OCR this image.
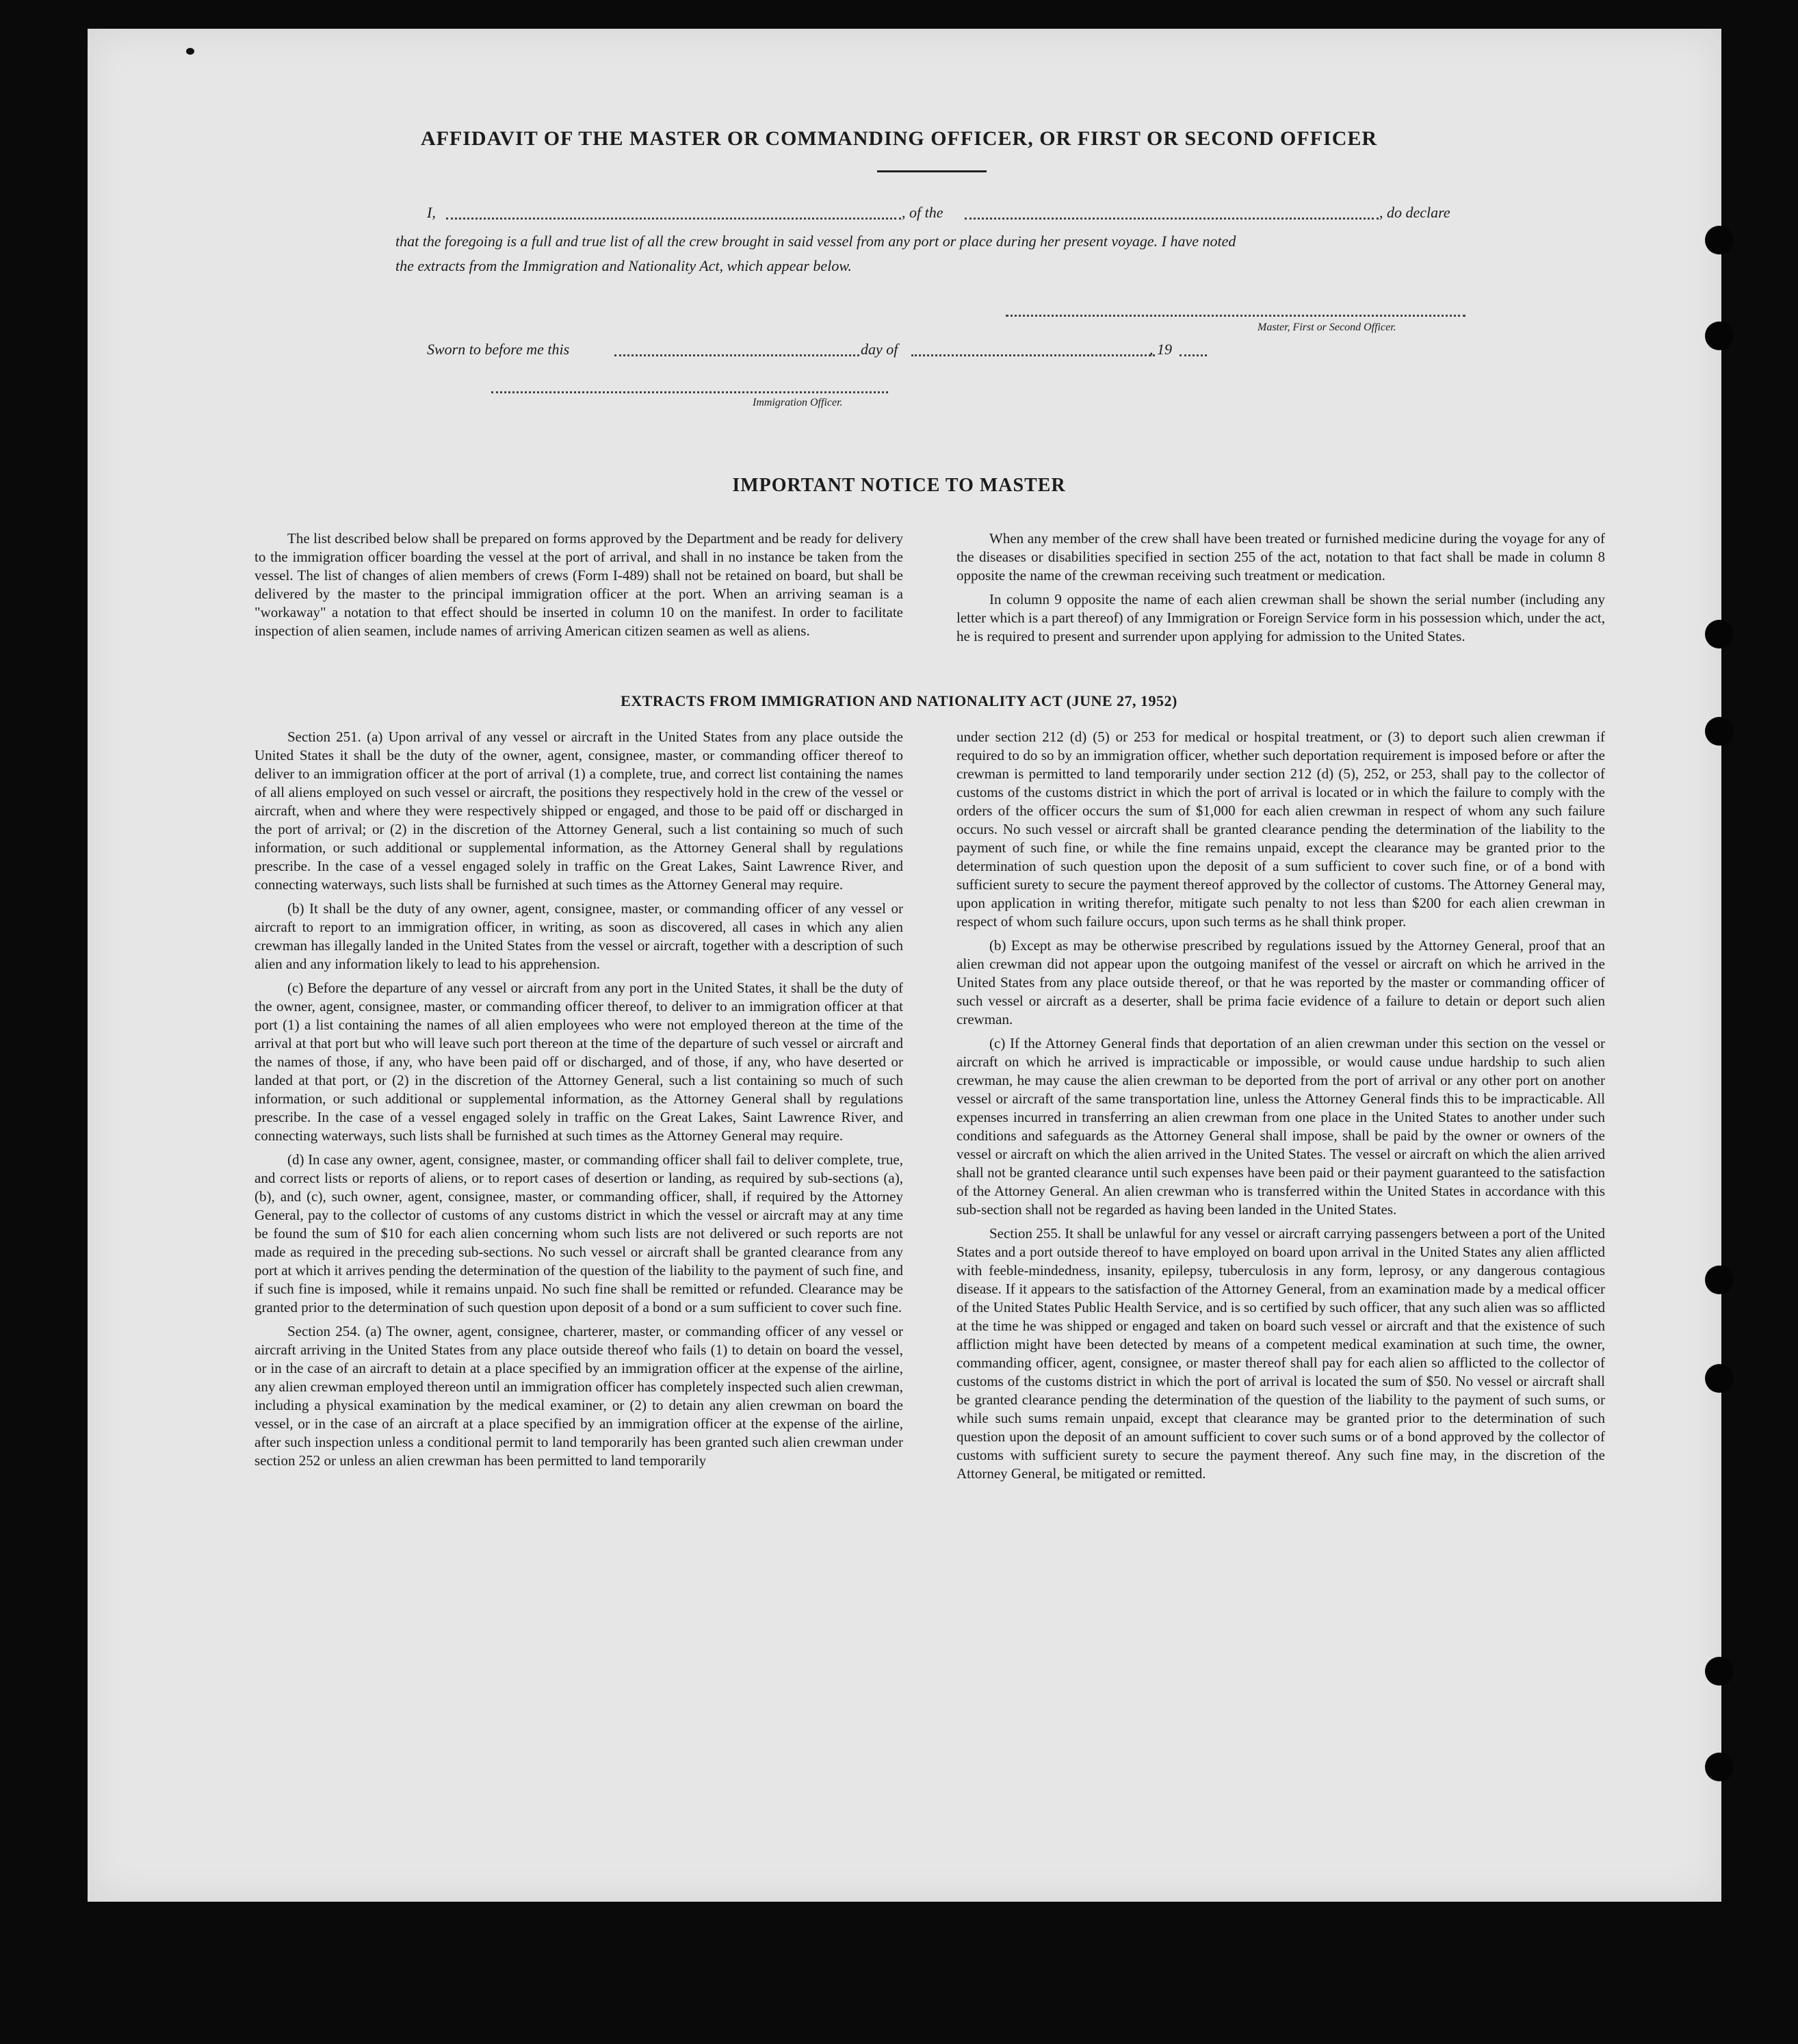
AFFIDAVIT OF THE MASTER OR COMMANDING OFFICER, OR FIRST OR SECOND OFFICER
I,	, of the	, do declare
that the foregoing is a full and true list of all the crew brought in said vessel from any port or place during her present voyage. I have noted
the extracts from the Immigration and Nationality Act, which appear below.
Master, First or Second Officer.
Sworn to before me this	day of	, 19
Immigration Officer.
IMPORTANT NOTICE TO MASTER

The list described below shall be prepared on forms approved by the Department and be ready for delivery to the immigration officer boarding the vessel at the port of arrival, and shall in no instance be taken from the vessel. The list of changes of alien members of crews (Form I-489) shall not be retained on board, but shall be delivered by the master to the principal immigration officer at the port. When an arriving seaman is a "workaway" a notation to that effect should be inserted in column 10 on the manifest. In order to facilitate inspection of alien seamen, include names of arriving American citizen seamen as well as aliens.

When any member of the crew shall have been treated or furnished medicine during the voyage for any of the diseases or disabilities specified in section 255 of the act, notation to that fact shall be made in column 8 opposite the name of the crewman receiving such treatment or medication.

In column 9 opposite the name of each alien crewman shall be shown the serial number (including any letter which is a part thereof) of any Immigration or Foreign Service form in his possession which, under the act, he is required to present and surrender upon applying for admission to the United States.

EXTRACTS FROM IMMIGRATION AND NATIONALITY ACT (JUNE 27, 1952)

Section 251. (a) Upon arrival of any vessel or aircraft in the United States from any place outside the United States it shall be the duty of the owner, agent, consignee, master, or commanding officer thereof to deliver to an immigration officer at the port of arrival (1) a complete, true, and correct list containing the names of all aliens employed on such vessel or aircraft, the positions they respectively hold in the crew of the vessel or aircraft, when and where they were respectively shipped or engaged, and those to be paid off or discharged in the port of arrival; or (2) in the discretion of the Attorney General, such a list containing so much of such information, or such additional or supplemental information, as the Attorney General shall by regulations prescribe. In the case of a vessel engaged solely in traffic on the Great Lakes, Saint Lawrence River, and connecting waterways, such lists shall be furnished at such times as the Attorney General may require.

(b) It shall be the duty of any owner, agent, consignee, master, or commanding officer of any vessel or aircraft to report to an immigration officer, in writing, as soon as discovered, all cases in which any alien crewman has illegally landed in the United States from the vessel or aircraft, together with a description of such alien and any information likely to lead to his apprehension.

(c) Before the departure of any vessel or aircraft from any port in the United States, it shall be the duty of the owner, agent, consignee, master, or commanding officer thereof, to deliver to an immigration officer at that port (1) a list containing the names of all alien employees who were not employed thereon at the time of the arrival at that port but who will leave such port thereon at the time of the departure of such vessel or aircraft and the names of those, if any, who have been paid off or discharged, and of those, if any, who have deserted or landed at that port, or (2) in the discretion of the Attorney General, such a list containing so much of such information, or such additional or supplemental information, as the Attorney General shall by regulations prescribe. In the case of a vessel engaged solely in traffic on the Great Lakes, Saint Lawrence River, and connecting waterways, such lists shall be furnished at such times as the Attorney General may require.

(d) In case any owner, agent, consignee, master, or commanding officer shall fail to deliver complete, true, and correct lists or reports of aliens, or to report cases of desertion or landing, as required by sub-sections (a), (b), and (c), such owner, agent, consignee, master, or commanding officer, shall, if required by the Attorney General, pay to the collector of customs of any customs district in which the vessel or aircraft may at any time be found the sum of $10 for each alien concerning whom such lists are not delivered or such reports are not made as required in the preceding sub-sections. No such vessel or aircraft shall be granted clearance from any port at which it arrives pending the determination of the question of the liability to the payment of such fine, and if such fine is imposed, while it remains unpaid. No such fine shall be remitted or refunded. Clearance may be granted prior to the determination of such question upon deposit of a bond or a sum sufficient to cover such fine.

Section 254. (a) The owner, agent, consignee, charterer, master, or commanding officer of any vessel or aircraft arriving in the United States from any place outside thereof who fails (1) to detain on board the vessel, or in the case of an aircraft to detain at a place specified by an immigration officer at the expense of the airline, any alien crewman employed thereon until an immigration officer has completely inspected such alien crewman, including a physical examination by the medical examiner, or (2) to detain any alien crewman on board the vessel, or in the case of an aircraft at a place specified by an immigration officer at the expense of the airline, after such inspection unless a conditional permit to land temporarily has been granted such alien crewman under section 252 or unless an alien crewman has been permitted to land temporarily

under section 212 (d) (5) or 253 for medical or hospital treatment, or (3) to deport such alien crewman if required to do so by an immigration officer, whether such deportation requirement is imposed before or after the crewman is permitted to land temporarily under section 212 (d) (5), 252, or 253, shall pay to the collector of customs of the customs district in which the port of arrival is located or in which the failure to comply with the orders of the officer occurs the sum of $1,000 for each alien crewman in respect of whom any such failure occurs. No such vessel or aircraft shall be granted clearance pending the determination of the liability to the payment of such fine, or while the fine remains unpaid, except the clearance may be granted prior to the determination of such question upon the deposit of a sum sufficient to cover such fine, or of a bond with sufficient surety to secure the payment thereof approved by the collector of customs. The Attorney General may, upon application in writing therefor, mitigate such penalty to not less than $200 for each alien crewman in respect of whom such failure occurs, upon such terms as he shall think proper.

(b) Except as may be otherwise prescribed by regulations issued by the Attorney General, proof that an alien crewman did not appear upon the outgoing manifest of the vessel or aircraft on which he arrived in the United States from any place outside thereof, or that he was reported by the master or commanding officer of such vessel or aircraft as a deserter, shall be prima facie evidence of a failure to detain or deport such alien crewman.

(c) If the Attorney General finds that deportation of an alien crewman under this section on the vessel or aircraft on which he arrived is impracticable or impossible, or would cause undue hardship to such alien crewman, he may cause the alien crewman to be deported from the port of arrival or any other port on another vessel or aircraft of the same transportation line, unless the Attorney General finds this to be impracticable. All expenses incurred in transferring an alien crewman from one place in the United States to another under such conditions and safeguards as the Attorney General shall impose, shall be paid by the owner or owners of the vessel or aircraft on which the alien arrived in the United States. The vessel or aircraft on which the alien arrived shall not be granted clearance until such expenses have been paid or their payment guaranteed to the satisfaction of the Attorney General. An alien crewman who is transferred within the United States in accordance with this sub-section shall not be regarded as having been landed in the United States.

Section 255. It shall be unlawful for any vessel or aircraft carrying passengers between a port of the United States and a port outside thereof to have employed on board upon arrival in the United States any alien afflicted with feeble-mindedness, insanity, epilepsy, tuberculosis in any form, leprosy, or any dangerous contagious disease. If it appears to the satisfaction of the Attorney General, from an examination made by a medical officer of the United States Public Health Service, and is so certified by such officer, that any such alien was so afflicted at the time he was shipped or engaged and taken on board such vessel or aircraft and that the existence of such affliction might have been detected by means of a competent medical examination at such time, the owner, commanding officer, agent, consignee, or master thereof shall pay for each alien so afflicted to the collector of customs of the customs district in which the port of arrival is located the sum of $50. No vessel or aircraft shall be granted clearance pending the determination of the question of the liability to the payment of such sums, or while such sums remain unpaid, except that clearance may be granted prior to the determination of such question upon the deposit of an amount sufficient to cover such sums or of a bond approved by the collector of customs with sufficient surety to secure the payment thereof. Any such fine may, in the discretion of the Attorney General, be mitigated or remitted.
